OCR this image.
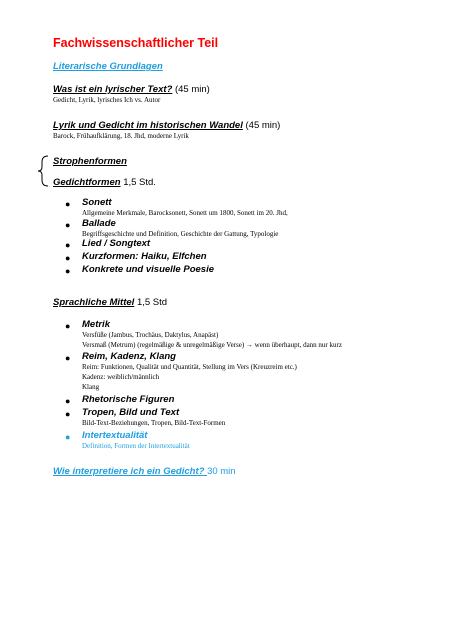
Fachwissenschaftlicher Teil
Literarische Grundlagen
Was ist ein lyrischer Text? (45 min)
Gedicht, Lyrik, lyrisches Ich vs. Autor
Lyrik und Gedicht im historischen Wandel (45 min)
Barock, Frühaufklärung, 18. Jhd, moderne Lyrik
Strophenformen
Gedichtformen 1,5 Std.
● Sonett
Allgemeine Merkmale, Barocksonett, Sonett um 1800, Sonett im 20. Jhd,
● Ballade
Begriffsgeschichte und Definition, Geschichte der Gattung, Typologie
● Lied / Songtext
● Kurzformen: Haiku, Elfchen
● Konkrete und visuelle Poesie
Sprachliche Mittel 1,5 Std
● Metrik
Versfüße (Jambus, Trochäus, Daktylus, Anapäst)
Versmaß (Metrum) (regelmäßige & unregelmäßige Verse) → wenn überhaupt, dann nur kurz
● Reim, Kadenz, Klang
Reim: Funktionen, Qualität und Quantität, Stellung im Vers (Kreuzreim etc.)
Kadenz: weiblich/männlich
Klang
● Rhetorische Figuren
● Tropen, Bild und Text
Bild-Text-Beziehungen, Tropen, Bild-Text-Formen
● Intertextualität
Definition, Formen der Intertextualität
Wie interpretiere ich ein Gedicht? 30 min
